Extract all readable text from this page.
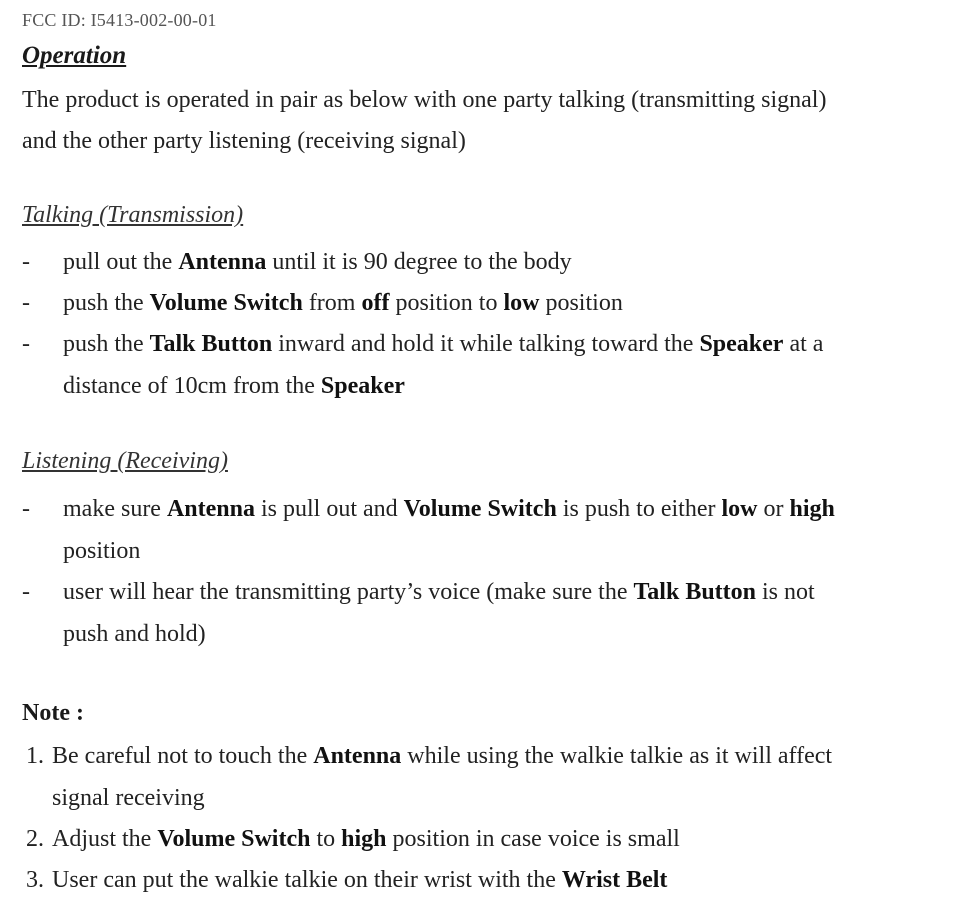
FCC ID: I5413-002-00-01
Operation
The product is operated in pair as below with one party talking (transmitting signal)
and the other party listening (receiving signal)
Talking (Transmission)
-	pull out the Antenna until it is 90 degree to the body
-	push the Volume Switch from off position to low position
-	push the Talk Button inward and hold it while talking toward the Speaker at a
distance of 10cm from the Speaker
Listening (Receiving)
-	make sure Antenna is pull out and Volume Switch is push to either low or high
position
-	user will hear the transmitting party’s voice (make sure the Talk Button is not
push and hold)
Note :
1. Be careful not to touch the Antenna while using the walkie talkie as it will affect
signal receiving
2. Adjust the Volume Switch to high position in case voice is small
3. User can put the walkie talkie on their wrist with the Wrist Belt
